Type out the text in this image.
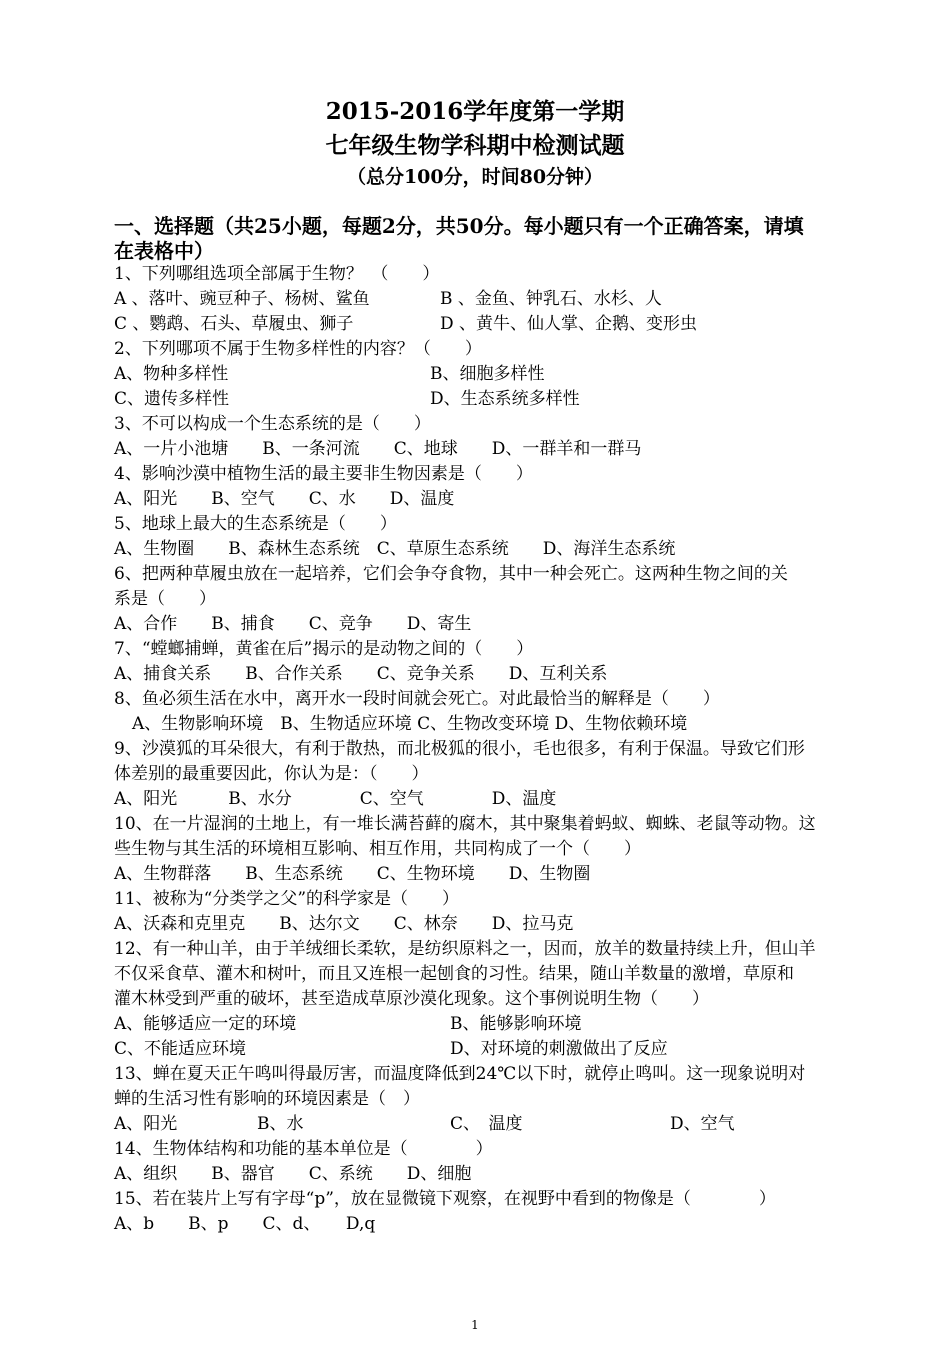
2015-2016学年度第一学期
七年级生物学科期中检测试题
（总分100分，时间80分钟）
一、选择题（共25小题，每题2分，共50分。每小题只有一个正确答案，请填
在表格中）
1、下列哪组选项全部属于生物？　（　　）
A 、落叶、豌豆种子、杨树、鲨鱼	B 、金鱼、钟乳石、水杉、人
C 、鹦鹉、石头、草履虫、狮子	D 、黄牛、仙人掌、企鹅、变形虫
2、下列哪项不属于生物多样性的内容？（　　）
A、物种多样性	B、细胞多样性
C、遗传多样性	D、生态系统多样性
3、不可以构成一个生态系统的是（　　）
A、一片小池塘　　B、一条河流　　C、地球　　D、一群羊和一群马
4、影响沙漠中植物生活的最主要非生物因素是（　　）
A、阳光　　B、空气　　C、水　　D、温度
5、地球上最大的生态系统是（　　）
A、生物圈　　B、森林生态系统　C、草原生态系统　　D、海洋生态系统
6、把两种草履虫放在一起培养，它们会争夺食物，其中一种会死亡。这两种生物之间的关
系是（　　）
A、合作　　B、捕食　　C、竞争　　D、寄生
7、“螳螂捕蝉，黄雀在后”揭示的是动物之间的（　　）
A、捕食关系　　B、合作关系　　C、竞争关系　　D、互利关系
8、鱼必须生活在水中，离开水一段时间就会死亡。对此最恰当的解释是（　　）
A、生物影响环境　B、生物适应环境 C、生物改变环境 D、生物依赖环境
9、沙漠狐的耳朵很大，有利于散热，而北极狐的很小，毛也很多，有利于保温。导致它们形
体差别的最重要因此，你认为是：（　　）
A、阳光　　　B、水分　　　　C、空气　　　　D、温度
10、在一片湿润的土地上，有一堆长满苔藓的腐木，其中聚集着蚂蚁、蜘蛛、老鼠等动物。这
些生物与其生活的环境相互影响、相互作用，共同构成了一个（　　）
A、生物群落　　B、生态系统　　C、生物环境　　D、生物圈
11、被称为“分类学之父”的科学家是（　　）
A、沃森和克里克　　B、达尔文　　C、林奈　　D、拉马克
12、有一种山羊，由于羊绒细长柔软，是纺织原料之一，因而，放羊的数量持续上升，但山羊
不仅采食草、灌木和树叶，而且又连根一起刨食的习性。结果，随山羊数量的激增，草原和
灌木林受到严重的破坏，甚至造成草原沙漠化现象。这个事例说明生物（　　）
A、能够适应一定的环境	B、能够影响环境
C、不能适应环境	D、对环境的刺激做出了反应
13、蝉在夏天正午鸣叫得最厉害，而温度降低到24℃以下时，就停止鸣叫。这一现象说明对
蝉的生活习性有影响的环境因素是（　）
A、阳光	B、水	C、　温度	D、空气
14、生物体结构和功能的基本单位是（　　　　）
A、组织　　B、器官　　C、系统　　D、细胞
15、若在装片上写有字母“p”，放在显微镜下观察，在视野中看到的物像是（　　　　）
A、b　　B、p　　C、d、　　D,q
1
